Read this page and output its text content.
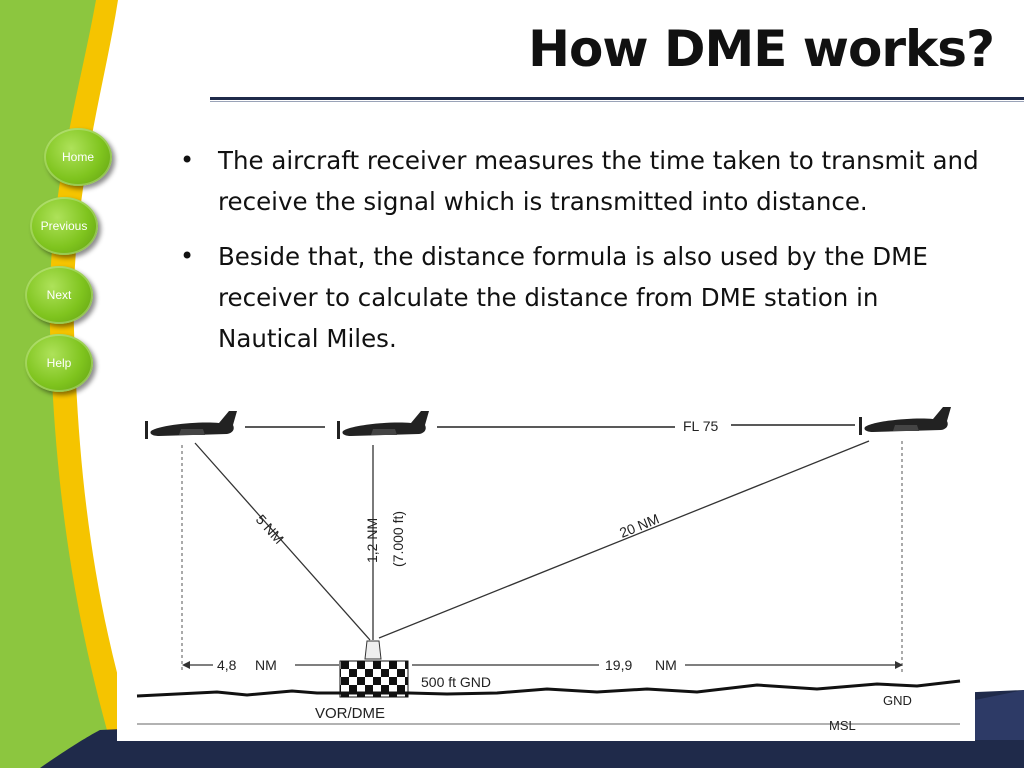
Home
Previous
Next
Help
How DME works?
• The aircraft receiver measures the time taken to transmit and receive the signal which is transmitted into distance.
• Beside that, the distance formula is also used by the DME receiver to calculate the distance from DME station in Nautical Miles.
FL 75
5 NM	1,2 NM (7.000 ft)	20 NM
4,8 NM	19,9 NM
500 ft GND
VOR/DME
GND
MSL
